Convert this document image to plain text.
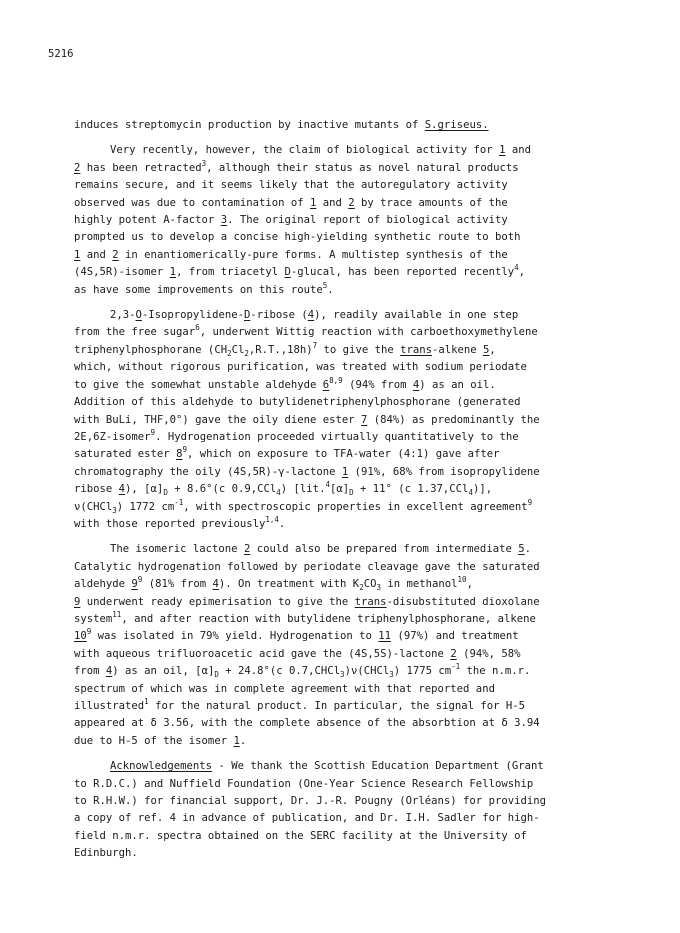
5216

induces streptomycin production by inactive mutants of S.griseus.

Very recently, however, the claim of biological activity for 1 and
2 has been retracted$^3$, although their status as novel natural products
remains secure, and it seems likely that the autoregulatory activity
observed was due to contamination of 1 and 2 by trace amounts of the
highly potent A-factor 3. The original report of biological activity
prompted us to develop a concise high-yielding synthetic route to both
1 and 2 in enantiomerically-pure forms. A multistep synthesis of the
(4S,5R)-isomer 1, from triacetyl D-glucal, has been reported recently$^4$,
as have some improvements on this route$^5$.

2,3-O-Isopropylidene-D-ribose (4), readily available in one step
from the free sugar$^6$, underwent Wittig reaction with carboethoxymethylene
triphenylphosphorane $(CH_2Cl_2,R.T.,18h)^7$ to give the trans-alkene 5,
which, without rigorous purification, was treated with sodium periodate
to give the somewhat unstable aldehyde 6$^{8,9}$ (94% from 4) as an oil.
Addition of this aldehyde to butylidenetriphenylphosphorane (generated
with BuLi, THF,0°) gave the oily diene ester 7 (84%) as predominantly the
2E,6Z-isomer$^9$. Hydrogenation proceeded virtually quantitatively to the
saturated ester $8^9$, which on exposure to TFA-water (4:1) gave after
chromatography the oily (4S,5R)-γ-lactone 1 (91%, 68% from isopropylidene
ribose 4), $[\alpha]_D + 8.6^\circ(c$ 0.9,CCl$_4$) [$lit.^4[\alpha]_D + 11^\circ$ (c 1.37,CCl$_4$)],
ν(CHCl$_3$) 1772 $cm^{-1}$, with spectroscopic properties in excellent agreement$^9$
with those reported previously$^{1,4}$.

The isomeric lactone 2 could also be prepared from intermediate 5.
Catalytic hydrogenation followed by periodate cleavage gave the saturated
aldehyde $9^9$ (81% from 4). On treatment with $K_2CO_3$ in methanol$^{10}$,
9 underwent ready epimerisation to give the trans-disubstituted dioxolane
system$^{11}$, and after reaction with butylidene triphenylphosphorane, alkene
$10^9$ was isolated in 79% yield. Hydrogenation to 11 (97%) and treatment
with aqueous trifluoroacetic acid gave the (4S,5S)-lactone 2 (94%, 58%
from 4) as an oil, $[\alpha]_D + 24.8^\circ(c$ 0.7,CHCl$_3$)ν(CHCl$_3$) 1775 $cm^{-1}$ the n.m.r.
spectrum of which was in complete agreement with that reported and
illustrated$^1$ for the natural product. In particular, the signal for H-5
appeared at δ 3.56, with the complete absence of the absorbtion at δ 3.94
due to H-5 of the isomer 1.

Acknowledgements - We thank the Scottish Education Department (Grant
to R.D.C.) and Nuffield Foundation (One-Year Science Research Fellowship
to R.H.W.) for financial support, Dr. J.-R. Pougny (Orléans) for providing
a copy of ref. 4 in advance of publication, and Dr. I.H. Sadler for high-
field n.m.r. spectra obtained on the SERC facility at the University of
Edinburgh.
